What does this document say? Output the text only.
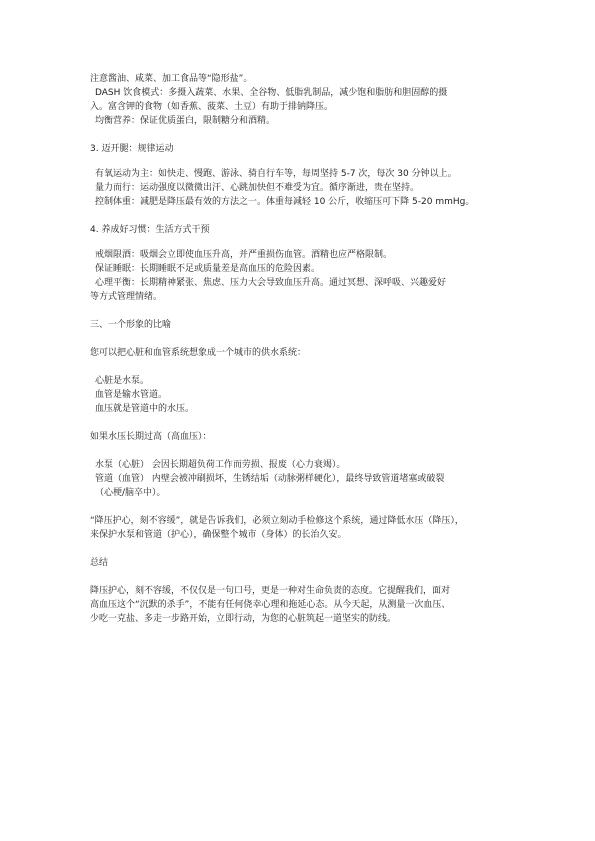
注意酱油、咸菜、加工食品等“隐形盐”。

DASH 饮食模式：多摄入蔬菜、水果、全谷物、低脂乳制品，减少饱和脂肪和胆固醇的摄

入。富含钾的食物（如香蕉、菠菜、土豆）有助于排钠降压。

均衡营养：保证优质蛋白，限制糖分和酒精。

3. 迈开腿：规律运动

有氧运动为主：如快走、慢跑、游泳、骑自行车等，每周坚持 5-7 次，每次 30 分钟以上。

量力而行：运动强度以微微出汗、心跳加快但不难受为宜。循序渐进，贵在坚持。

控制体重：减肥是降压最有效的方法之一。体重每减轻 10 公斤，收缩压可下降 5-20 mmHg。

4. 养成好习惯：生活方式干预

戒烟限酒：吸烟会立即使血压升高，并严重损伤血管。酒精也应严格限制。

保证睡眠：长期睡眠不足或质量差是高血压的危险因素。

心理平衡：长期精神紧张、焦虑、压力大会导致血压升高。通过冥想、深呼吸、兴趣爱好

等方式管理情绪。

三、一个形象的比喻

您可以把心脏和血管系统想象成一个城市的供水系统：

心脏是水泵。

血管是输水管道。

血压就是管道中的水压。

如果水压长期过高（高血压）：

水泵（心脏） 会因长期超负荷工作而劳损、报废（心力衰竭）。

管道（血管） 内壁会被冲刷损坏，生锈结垢（动脉粥样硬化），最终导致管道堵塞或破裂

（心梗/脑卒中）。

“降压护心，刻不容缓”，就是告诉我们，必须立刻动手检修这个系统，通过降低水压（降压），

来保护水泵和管道（护心），确保整个城市（身体）的长治久安。

总结

降压护心，刻不容缓，不仅仅是一句口号，更是一种对生命负责的态度。它提醒我们，面对

高血压这个“沉默的杀手”，不能有任何侥幸心理和拖延心态。从今天起，从测量一次血压、

少吃一克盐、多走一步路开始，立即行动，为您的心脏筑起一道坚实的防线。
